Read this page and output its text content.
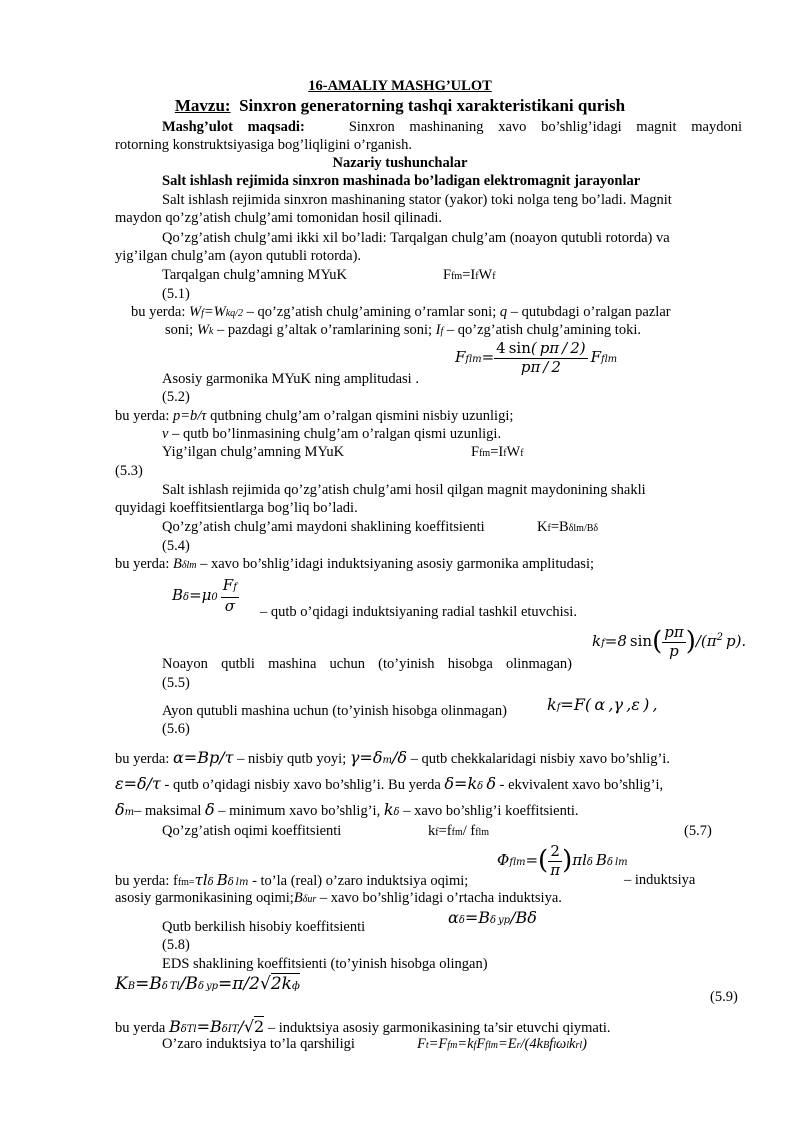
16-AMALIY MASHG’ULOT
Mavzu: Sinxron generatorning tashqi xarakteristikani qurish
Mashg’ulot maqsadi:	Sinxron mashinaning xavo bo’shlig’idagi magnit maydoni
rotorning konstruktsiyasiga bog’liqligini o’rganish.
Nazariy tushunchalar
Salt ishlash rejimida sinxron mashinada bo’ladigan elektromagnit jarayonlar
Salt ishlash rejimida sinxron mashinaning stator (yakor) toki nolga teng bo’ladi. Magnit
maydon qo’zg’atish chulg’ami tomonidan hosil qilinadi.
Qo’zg’atish chulg’ami ikki xil bo’ladi: Tarqalgan chulg’am (noayon qutubli rotorda) va
yig’ilgan chulg’am (ayon qutubli rotorda).
Tarqalgan chulg’amning MYuK	Ffm=IfWf
(5.1)
bu yerda: Wf=Wkq/2 – qo’zg’atish chulg’amining o’ramlar soni; q – qutubdagi o’ralgan pazlar
soni; Wk – pazdagi g’altak o’ramlarining soni; If – qo’zg’atish chulg’amining toki.
Fflm= $\frac{4 \sin( p\pi / 2)}{p\pi / 2}$  Fflm
Asosiy garmonika MYuK ning amplitudasi .
(5.2)
bu yerda: p=b/τ qutbning chulg’am o’ralgan qismini nisbiy uzunligi;
v – qutb bo’linmasining chulg’am o’ralgan qismi uzunligi.
Yig’ilgan chulg’amning MYuK	Ffm=IfWf
(5.3)
Salt ishlash rejimida qo’zg’atish chulg’ami hosil qilgan magnit maydonining shakli
quyidagi koeffitsientlarga bog’liq bo’ladi.
Qo’zg’atish chulg’ami maydoni shaklining koeffitsienti	Kf=Bδlm/Bδ
(5.4)
bu yerda: Bδlm – xavo bo’shlig’idagi induktsiyaning asosiy garmonika amplitudasi;
$B\delta=\mu 0 \frac{Ff}{\sigma}$ – qutb o’qidagi induktsiyaning radial tashkil etuvchisi.
kf=8 $\sin( \frac{p\pi}{p} )/(\pi^2$ p).
Noayon qutbli mashina uchun (to’yinish hisobga olinmagan)
(5.5)
Ayon qutubli mashina uchun (to’yinish hisobga olinmagan) kf=F( α ,γ ,ε ) ,
(5.6)
bu yerda: α=Bp/τ – nisbiy qutb yoyi; γ=δm/δ – qutb chekkalaridagi nisbiy xavo bo’shlig’i.
ε=δ/τ - qutb o’qidagi nisbiy xavo bo’shlig’i. Bu yerda δ=kδ δ - ekvivalent xavo bo’shlig’i,
δm– maksimal δ – minimum xavo bo’shlig’i, kδ – xavo bo’shlig’i koeffitsienti.
Qo’zg’atish oqimi koeffitsienti	kf=ffm/ fflm	(5.7)
$\Phi flm=( \frac{2}{\pi} )\pi l\delta$ Bδ lm
bu yerda: ffm=τlδ Bδ lm - to’la (real) o’zaro induktsiya oqimi;	– induktsiya
asosiy garmonikasining oqimi;Bδur – xavo bo’shlig’idagi o’rtacha induktsiya.
Qutb berkilish hisobiy koeffitsienti	αδ=Bδ yp/Bδ
(5.8)
EDS shaklining koeffitsienti (to’yinish hisobga olingan)
KB=Bδ Tl/Bδ yp=π/2√2kф
(5.9)
bu yerda BδTl=BδIT/√2 – induktsiya asosiy garmonikasining ta’sir etuvchi qiymati.
O’zaro induktsiya to’la qarshiligi	Ft=Ffm=kfFflm=Er/(4kBflωlkrl)
